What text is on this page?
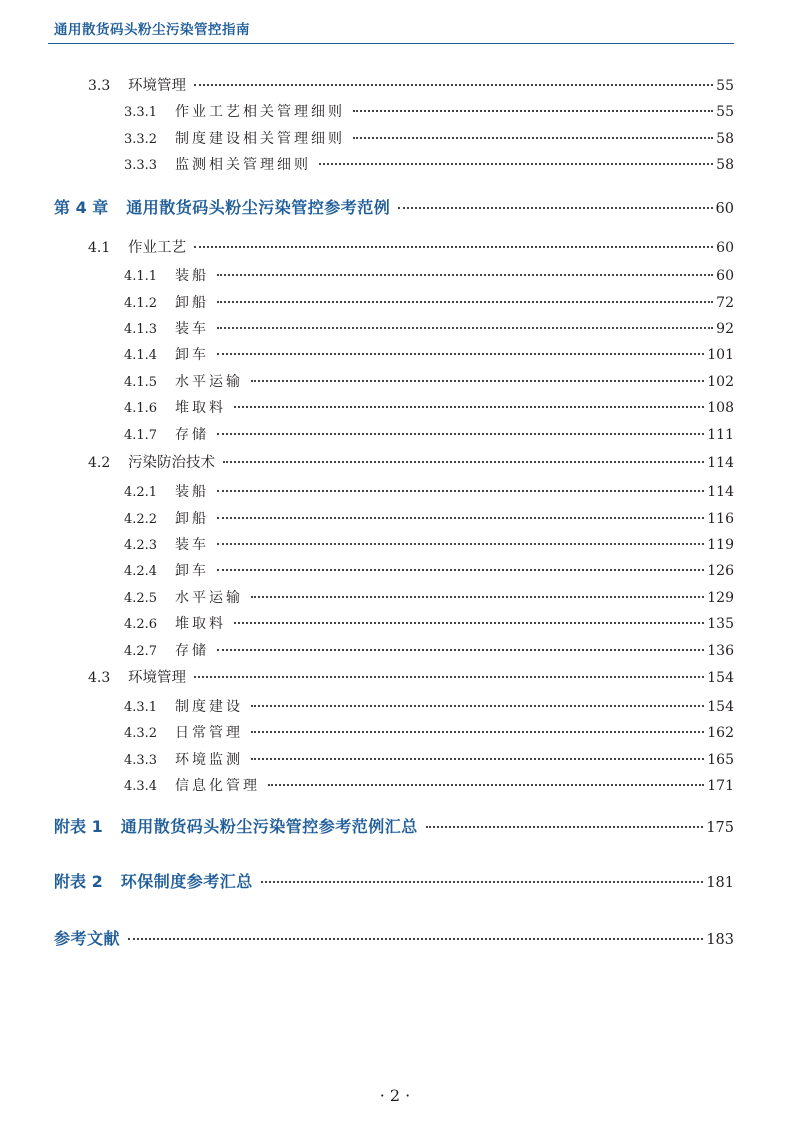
通用散货码头粉尘污染管控指南
3.3	环境管理	55
3.3.1	作业工艺相关管理细则	55
3.3.2	制度建设相关管理细则	58
3.3.3	监测相关管理细则	58
第 4 章 通用散货码头粉尘污染管控参考范例	60
4.1	作业工艺	60
4.1.1	装船	60
4.1.2	卸船	72
4.1.3	装车	92
4.1.4	卸车	101
4.1.5	水平运输	102
4.1.6	堆取料	108
4.1.7	存储	111
4.2	污染防治技术	114
4.2.1	装船	114
4.2.2	卸船	116
4.2.3	装车	119
4.2.4	卸车	126
4.2.5	水平运输	129
4.2.6	堆取料	135
4.2.7	存储	136
4.3	环境管理	154
4.3.1	制度建设	154
4.3.2	日常管理	162
4.3.3	环境监测	165
4.3.4	信息化管理	171
附表 1 通用散货码头粉尘污染管控参考范例汇总	175
附表 2 环保制度参考汇总	181
参考文献	183
· 2 ·
